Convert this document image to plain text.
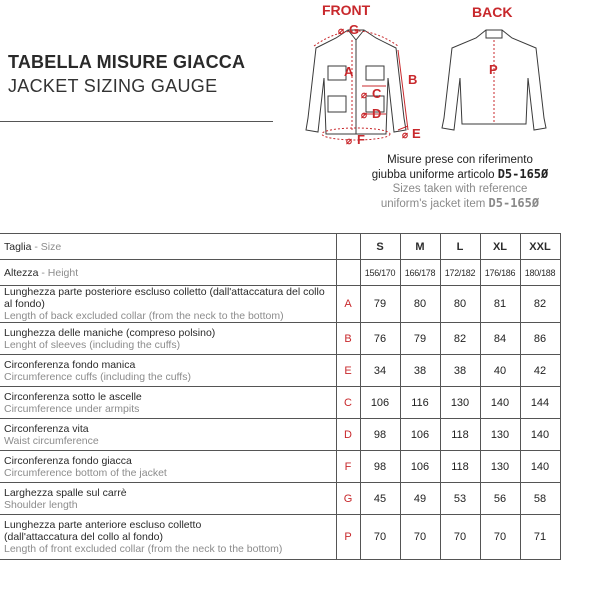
TABELLA MISURE GIACCA
JACKET SIZING GAUGE
FRONT	BACK
⌀ G
A
B
⌀ C
⌀ D
⌀ E
⌀ F
P
Misure prese con riferimento
giubba uniforme articolo D5-165Ø
Sizes taken with reference
uniform's jacket item D5-165Ø
Taglia - Size		S	M	L	XL	XXL
Altezza - Height		156/170	166/178	172/182	176/186	180/188

Lunghezza parte posteriore escluso colletto (dall'attaccatura del collo al fondo)
Length of back excluded collar (from the neck to the bottom)	A	79	80	80	81	82

Lunghezza delle maniche (compreso polsino)
Lenght of sleeves (including the cuffs)	B	76	79	82	84	86

Circonferenza fondo manica
Circumference cuffs (including the cuffs)	E	34	38	38	40	42

Circonferenza sotto le ascelle
Circumference under armpits	C	106	116	130	140	144

Circonferenza vita
Waist circumference	D	98	106	118	130	140

Circonferenza fondo giacca
Circumference bottom of the jacket	F	98	106	118	130	140

Larghezza spalle sul carrè
Shoulder length	G	45	49	53	56	58

Lunghezza parte anteriore escluso colletto
(dall'attaccatura del collo al fondo)
Length of front excluded collar (from the neck to the bottom)	P	70	70	70	70	71
